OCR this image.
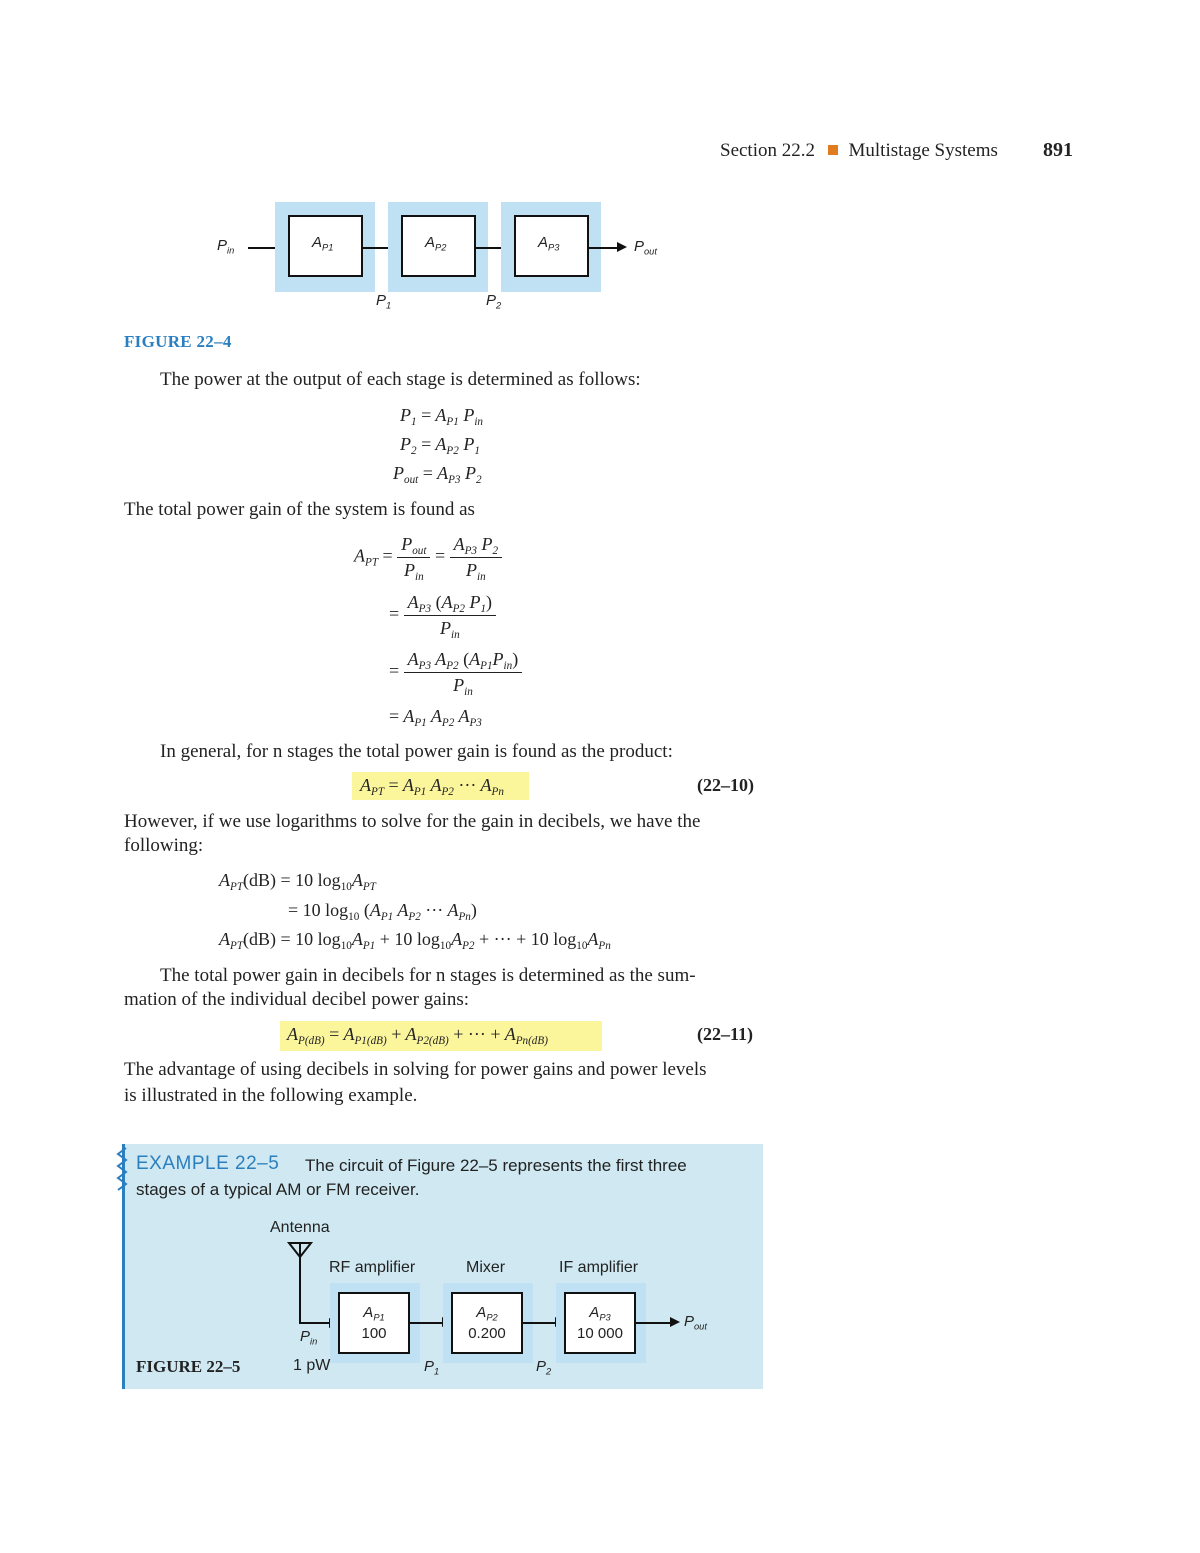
Section 22.2 Multistage Systems 891
$P_{in}$	$A_{P1}$	$A_{P2}$	$A_{P3}$	$P_{out}$
$P_1$	$P_2$
FIGURE 22–4
The power at the output of each stage is determined as follows:
$P_1 = A_{P1}$ $P_{in}$
$P_2 = A_{P2}$ $P_1$
$P_{out} = A_{P3}$ $P_2$
The total power gain of the system is found as
$A_{PT} = \frac{P_{out}}{P_{in}} = \frac{A_{P3} P_2}{P_{in}}$
= $\frac{A_{P3} (A_{P2} P_1)}{P_{in}}$
= $\frac{A_{P3} A_{P2} (A_{P1}P_{in})}{P_{in}}$
= $A_{P1}$ $A_{P2}$ $A_{P3}$
In general, for n stages the total power gain is found as the product:
$A_{PT} = A_{P1}$ $A_{P2}$ ··· $A_{Pn}$	(22–10)
However, if we use logarithms to solve for the gain in decibels, we have the
following:
$A_{PT}(dB) = 10$ $\log_{10}A_{PT}$
= 10 $\log_{10} (A_{P1}$ $A_{P2}$ ··· $A_{Pn}$)
$A_{PT}(dB) = 10$ $\log_{10}A_{P1} + 10$ $\log_{10}A_{P2}$ + ··· + 10 $\log_{10}A_{Pn}$
The total power gain in decibels for n stages is determined as the sum-
mation of the individual decibel power gains:
$A_{P(dB)} = A_{P1(dB)} + A_{P2(dB)}$ + ··· + $A_{Pn(dB)}$	(22–11)
The advantage of using decibels in solving for power gains and power levels
is illustrated in the following example.
EXAMPLE 22–5 The circuit of Figure 22–5 represents the first three
stages of a typical AM or FM receiver.
Antenna
RF amplifier	Mixer	IF amplifier
$A_{P1}$
100
$A_{P2}$
0.200
$A_{P3}$
10 000
$P_{out}$
$P_{in}$
1 pW	$P_1$	$P_2$
FIGURE 22–5
